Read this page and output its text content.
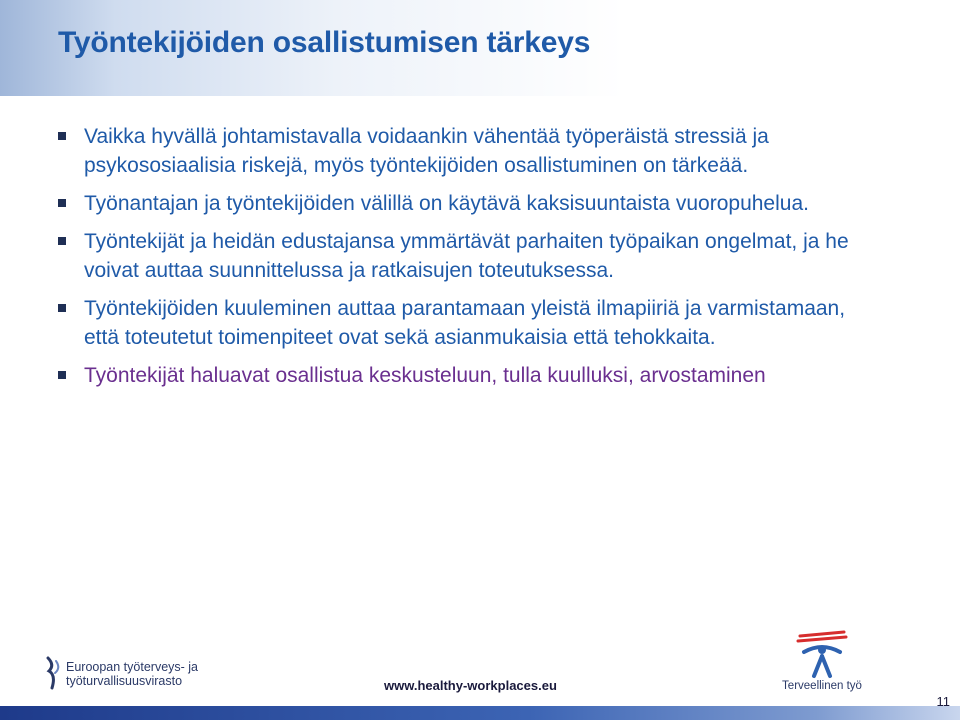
Työntekijöiden osallistumisen tärkeys
Vaikka hyvällä johtamistavalla voidaankin vähentää työperäistä stressiä ja psykososiaalisia riskejä, myös työntekijöiden osallistuminen on tärkeää.
Työnantajan ja työntekijöiden välillä on käytävä kaksisuuntaista vuoropuhelua.
Työntekijät ja heidän edustajansa ymmärtävät parhaiten työpaikan ongelmat, ja he voivat auttaa suunnittelussa ja ratkaisujen toteutuksessa.
Työntekijöiden kuuleminen auttaa parantamaan yleistä ilmapiiriä ja varmistamaan, että toteutetut toimenpiteet ovat sekä asianmukaisia että tehokkaita.
Työntekijät haluavat osallistua keskusteluun, tulla kuulluksi, arvostaminen
Euroopan työterveys- ja
työturvallisuusvirasto	www.healthy-workplaces.eu	Terveellinen työ
11
